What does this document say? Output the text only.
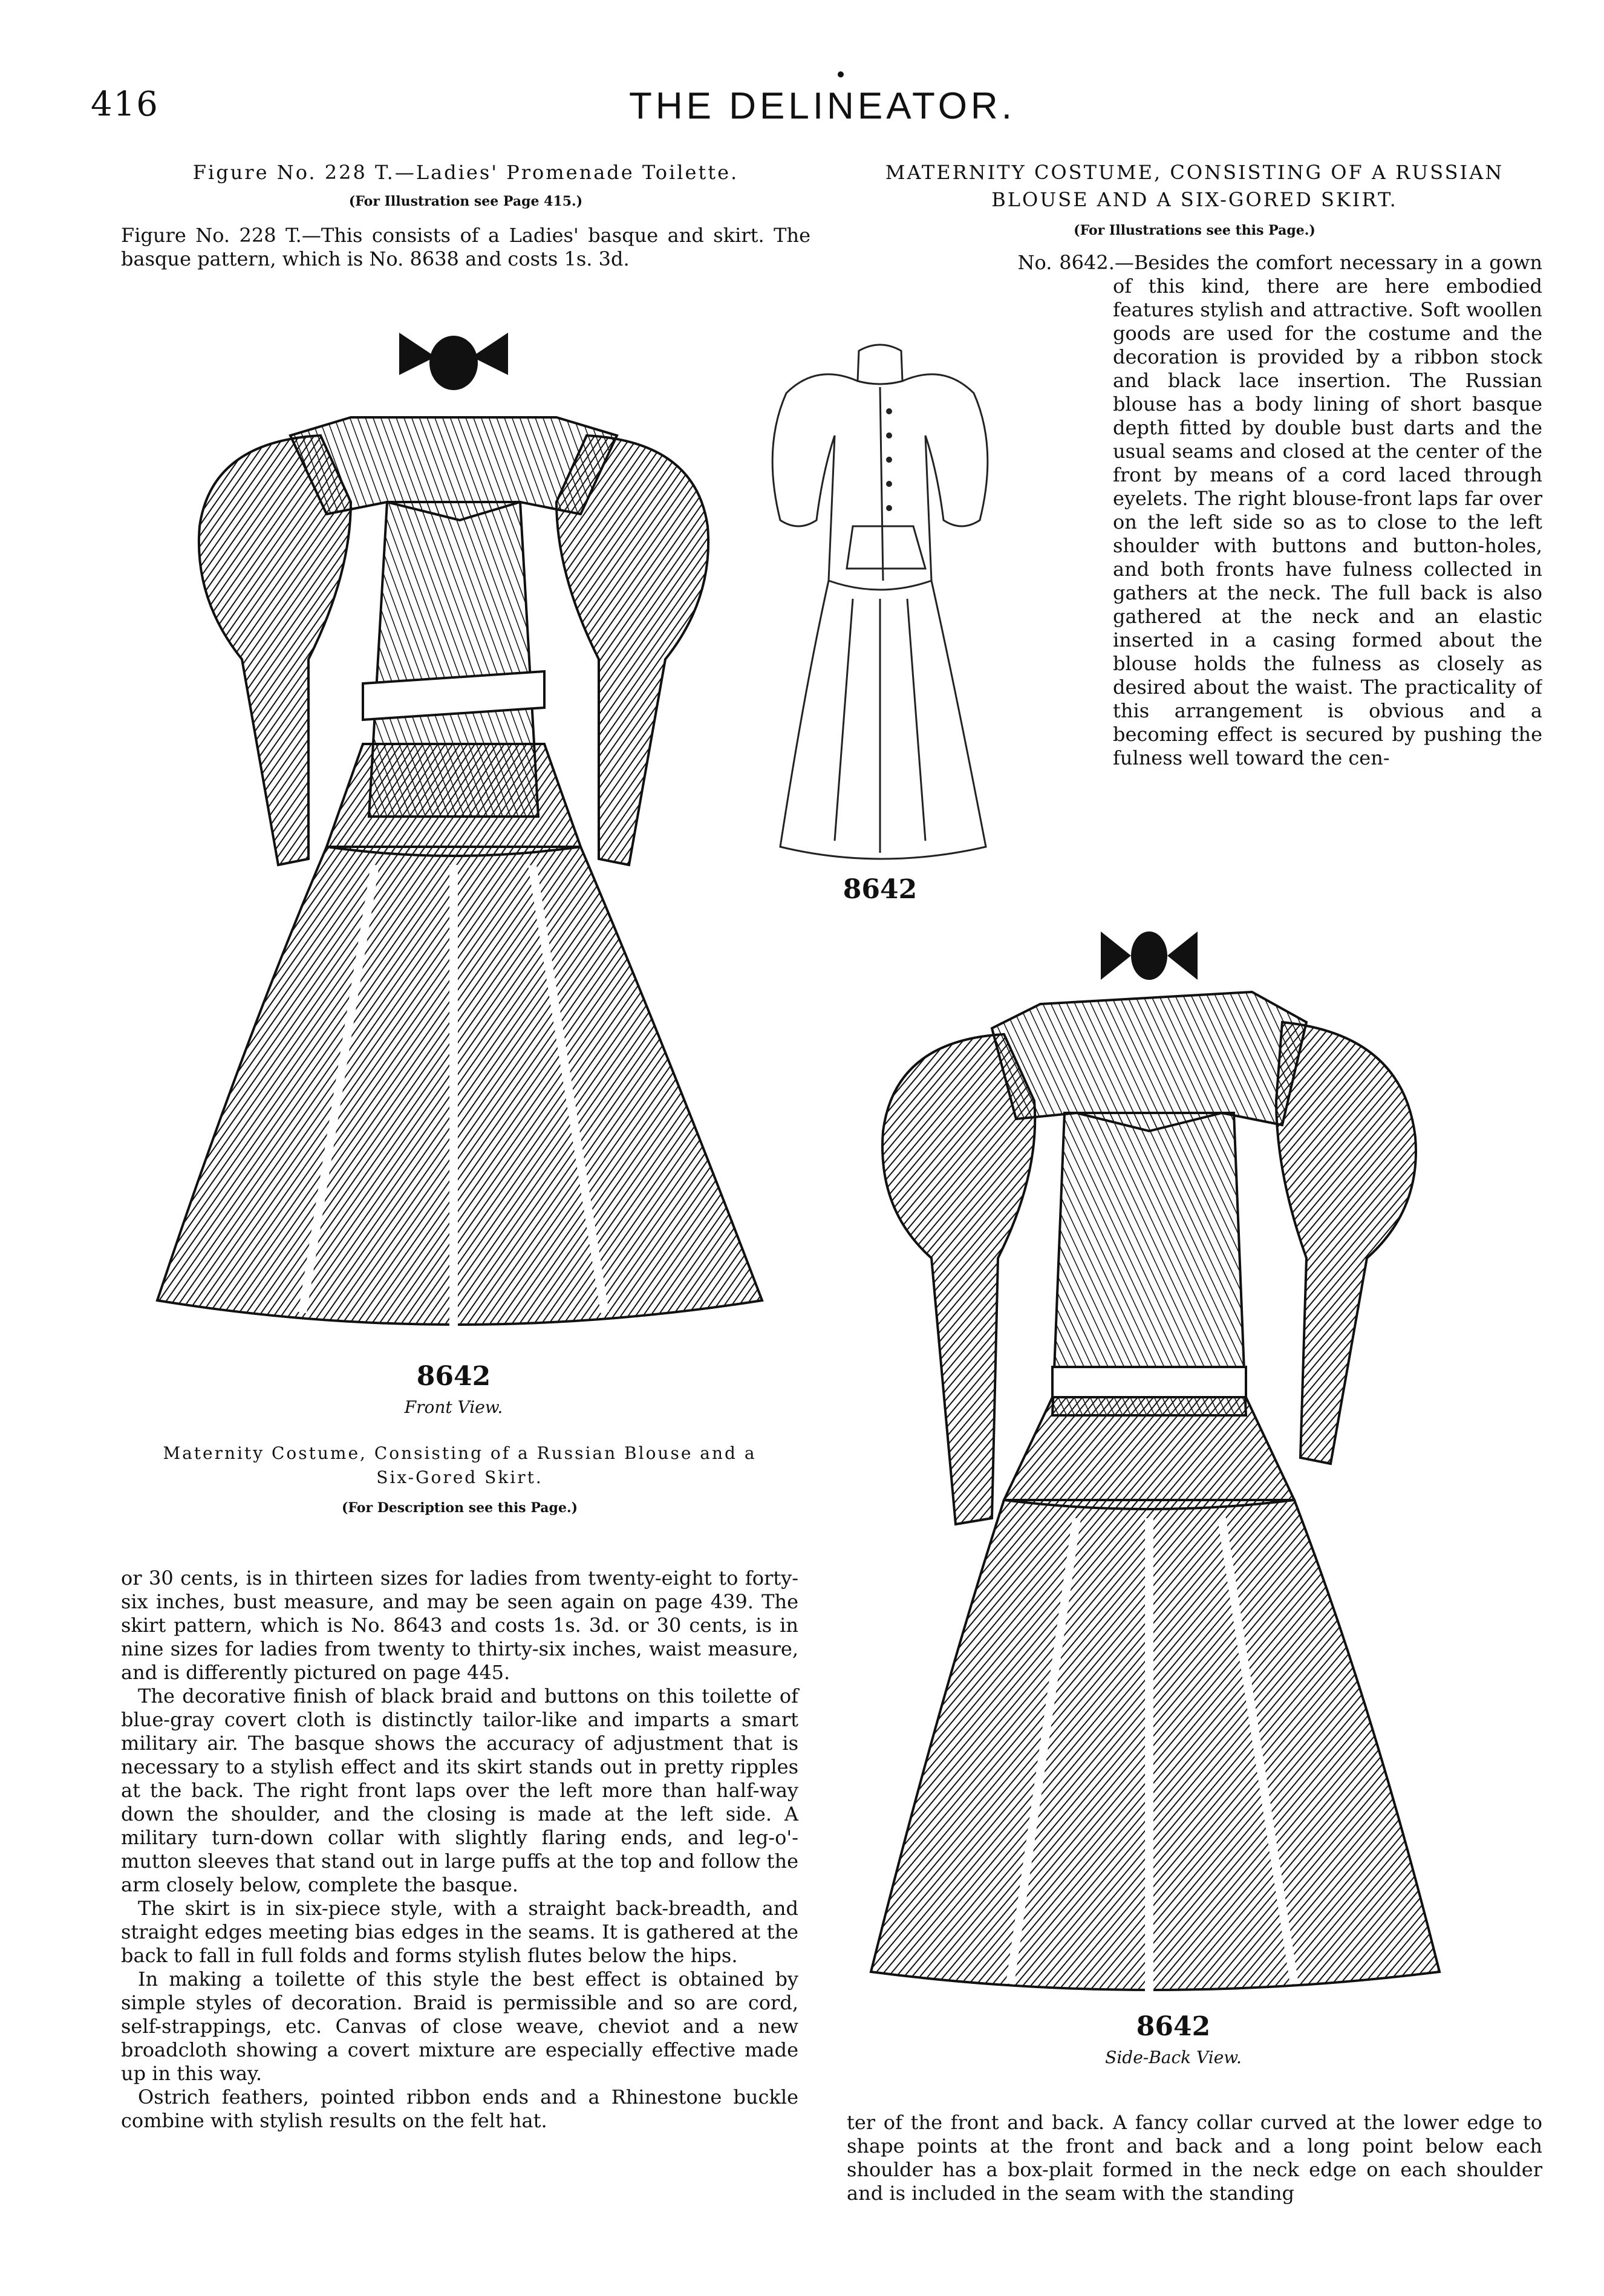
416	THE DELINEATOR.
Figure No. 228 T.—Ladies' Promenade Toilette.
(For Illustration see Page 415.)

Figure No. 228 T.—This consists of a Ladies' basque and skirt. The basque pattern, which is No. 8638 and costs 1s. 3d.

MATERNITY COSTUME, CONSISTING OF A RUSSIAN
BLOUSE AND A SIX-GORED SKIRT.
(For Illustrations see this Page.)

No. 8642.—Besides the comfort necessary in a gown of this kind, there are here embodied features stylish and attractive. Soft woollen goods are used for the costume and the decoration is provided by a ribbon stock and black lace insertion. The Russian blouse has a body lining of short basque depth fitted by double bust darts and the usual seams and closed at the center of the front by means of a cord laced through eyelets. The right blouse-front laps far over on the left side so as to close to the left shoulder with buttons and button-holes, and both fronts have fulness collected in gathers at the neck. The full back is also gathered at the neck and an elastic inserted in a casing formed about the blouse holds the fulness as closely as desired about the waist. The practicality of this arrangement is obvious and a becoming effect is secured by pushing the fulness well toward the cen-

8642
8642
Front View.
Maternity Costume, Consisting of a Russian Blouse and a
Six-Gored Skirt.
(For Description see this Page.)
8642
Side-Back View.

or 30 cents, is in thirteen sizes for ladies from twenty-eight to forty-six inches, bust measure, and may be seen again on page 439. The skirt pattern, which is No. 8643 and costs 1s. 3d. or 30 cents, is in nine sizes for ladies from twenty to thirty-six inches, waist measure, and is differently pictured on page 445.

The decorative finish of black braid and buttons on this toilette of blue-gray covert cloth is distinctly tailor-like and imparts a smart military air. The basque shows the accuracy of adjustment that is necessary to a stylish effect and its skirt stands out in pretty ripples at the back. The right front laps over the left more than half-way down the shoulder, and the closing is made at the left side. A military turn-down collar with slightly flaring ends, and leg-o'-mutton sleeves that stand out in large puffs at the top and follow the arm closely below, complete the basque.

The skirt is in six-piece style, with a straight back-breadth, and straight edges meeting bias edges in the seams. It is gathered at the back to fall in full folds and forms stylish flutes below the hips.

In making a toilette of this style the best effect is obtained by simple styles of decoration. Braid is permissible and so are cord, self-strappings, etc. Canvas of close weave, cheviot and a new broadcloth showing a covert mixture are especially effective made up in this way.

Ostrich feathers, pointed ribbon ends and a Rhinestone buckle combine with stylish results on the felt hat.	ter of the front and back. A fancy collar curved at the lower edge to shape points at the front and back and a long point below each shoulder has a box-plait formed in the neck edge on each shoulder and is included in the seam with the standing
